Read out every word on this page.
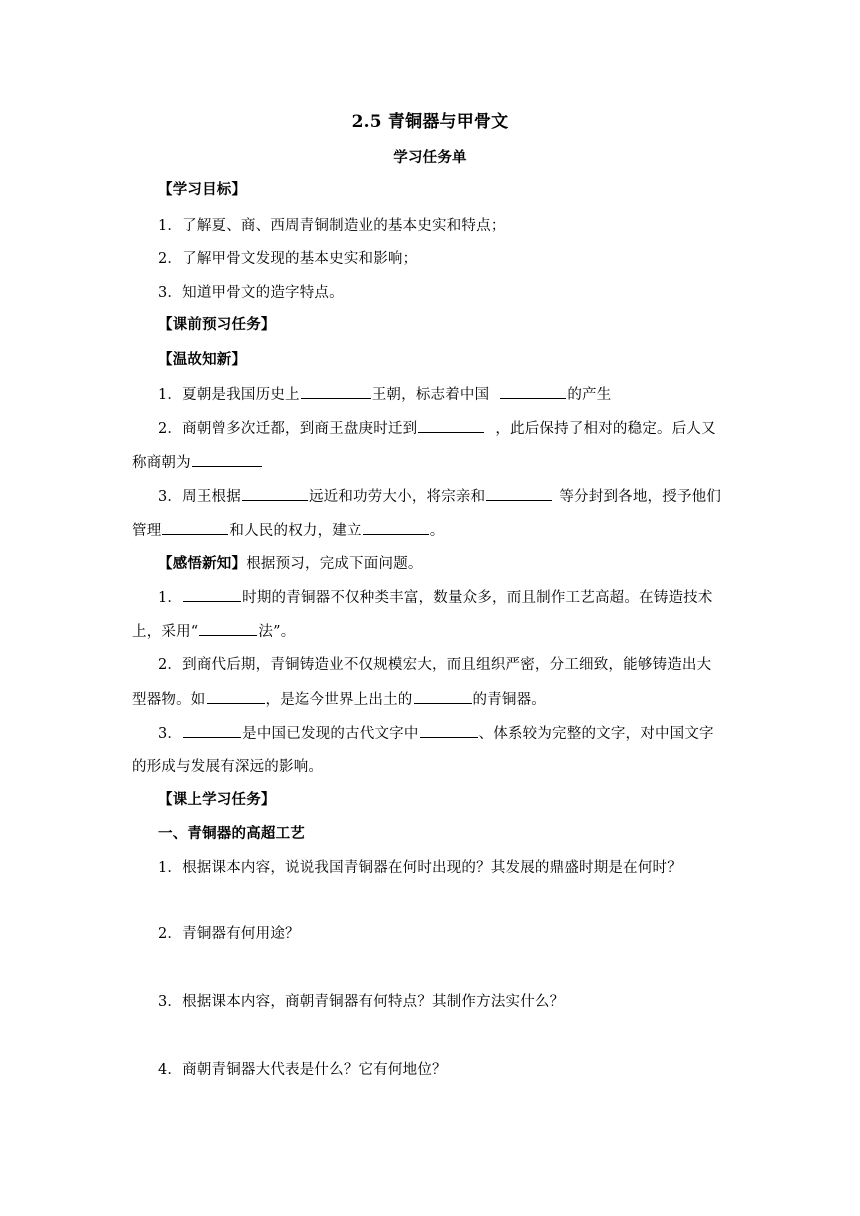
2.5 青铜器与甲骨文
学习任务单
【学习目标】
1．了解夏、商、西周青铜制造业的基本史实和特点；
2．了解甲骨文发现的基本史实和影响；
3．知道甲骨文的造字特点。
【课前预习任务】
【温故知新】
1．夏朝是我国历史上	王朝，标志着中国	的产生
2．商朝曾多次迁都，到商王盘庚时迁到	，此后保持了相对的稳定。后人又
称商朝为
3．周王根据	远近和功劳大小，将宗亲和	等分封到各地，授予他们
管理	和人民的权力，建立	。
【感悟新知】根据预习，完成下面问题。
1．	时期的青铜器不仅种类丰富，数量众多，而且制作工艺高超。在铸造技术
上，采用“	法”。
2．到商代后期，青铜铸造业不仅规模宏大，而且组织严密，分工细致，能够铸造出大
型器物。如	，是迄今世界上出土的	的青铜器。
3．	是中国已发现的古代文字中	、体系较为完整的文字，对中国文字
的形成与发展有深远的影响。
【课上学习任务】
一、青铜器的高超工艺
1．根据课本内容，说说我国青铜器在何时出现的？其发展的鼎盛时期是在何时？
2．青铜器有何用途？
3．根据课本内容，商朝青铜器有何特点？其制作方法实什么？
4．商朝青铜器大代表是什么？它有何地位？
